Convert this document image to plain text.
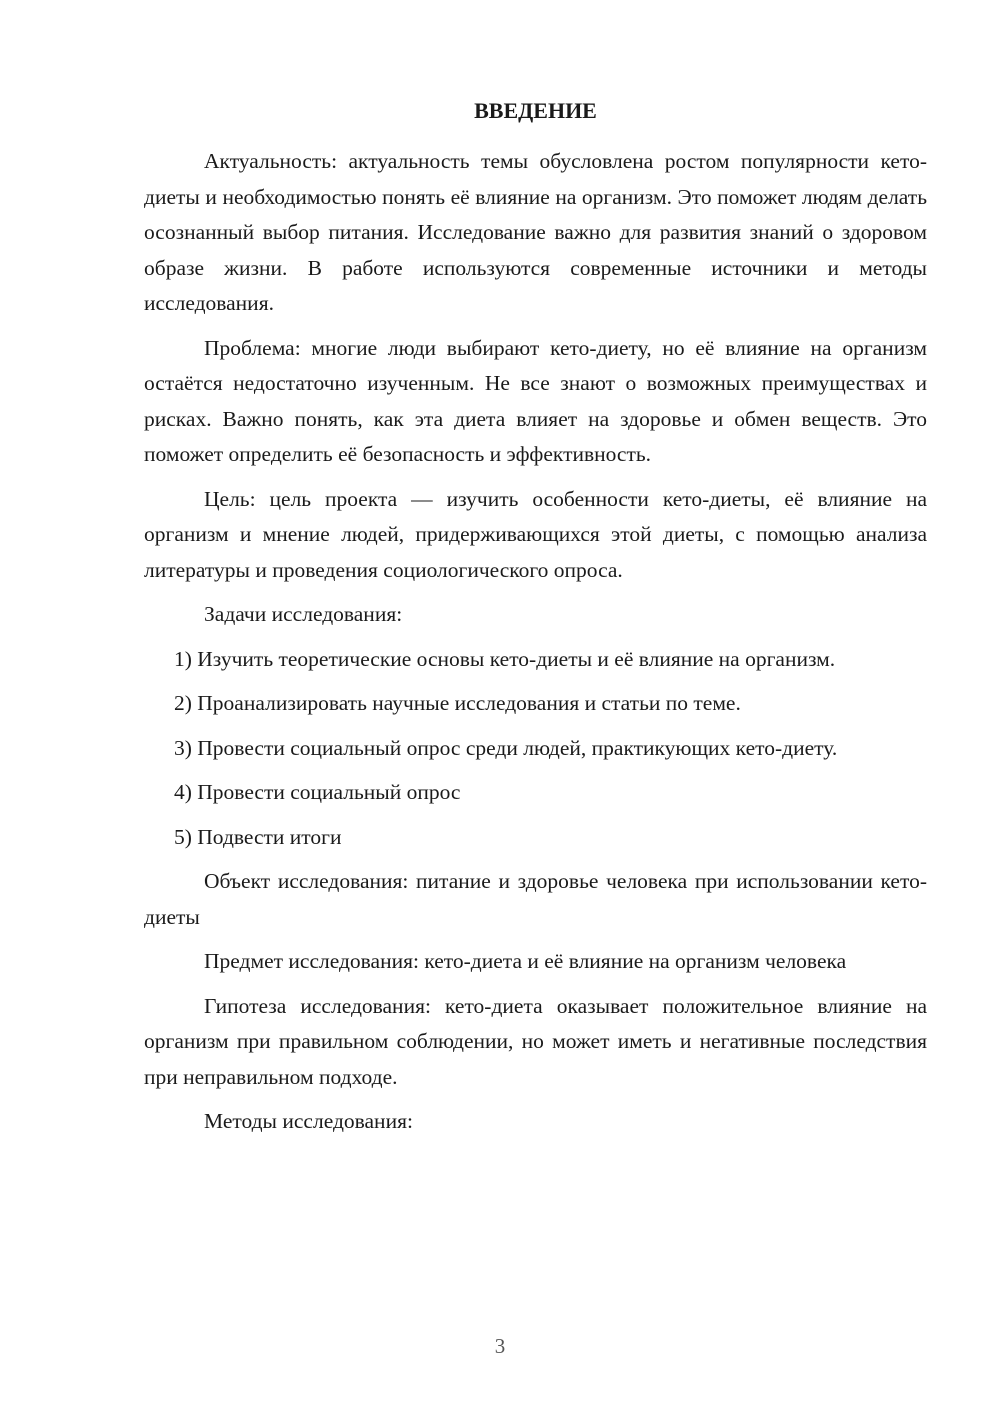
ВВЕДЕНИЕ

Актуальность: актуальность темы обусловлена ростом популярности кето-диеты и необходимостью понять её влияние на организм. Это поможет людям делать осознанный выбор питания. Исследование важно для развития знаний о здоровом образе жизни. В работе используются современные источники и методы исследования.

Проблема: многие люди выбирают кето-диету, но её влияние на организм остаётся недостаточно изученным. Не все знают о возможных преимуществах и рисках. Важно понять, как эта диета влияет на здоровье и обмен веществ. Это поможет определить её безопасность и эффективность.

Цель: цель проекта — изучить особенности кето-диеты, её влияние на организм и мнение людей, придерживающихся этой диеты, с помощью анализа литературы и проведения социологического опроса.

Задачи исследования:

1) Изучить теоретические основы кето-диеты и её влияние на организм.

2) Проанализировать научные исследования и статьи по теме.

3) Провести социальный опрос среди людей, практикующих кето-диету.

4) Провести социальный опрос

5) Подвести итоги

Объект исследования: питание и здоровье человека при использовании кето-диеты

Предмет исследования: кето-диета и её влияние на организм человека

Гипотеза исследования: кето-диета оказывает положительное влияние на организм при правильном соблюдении, но может иметь и негативные последствия при неправильном подходе.

Методы исследования:

3
